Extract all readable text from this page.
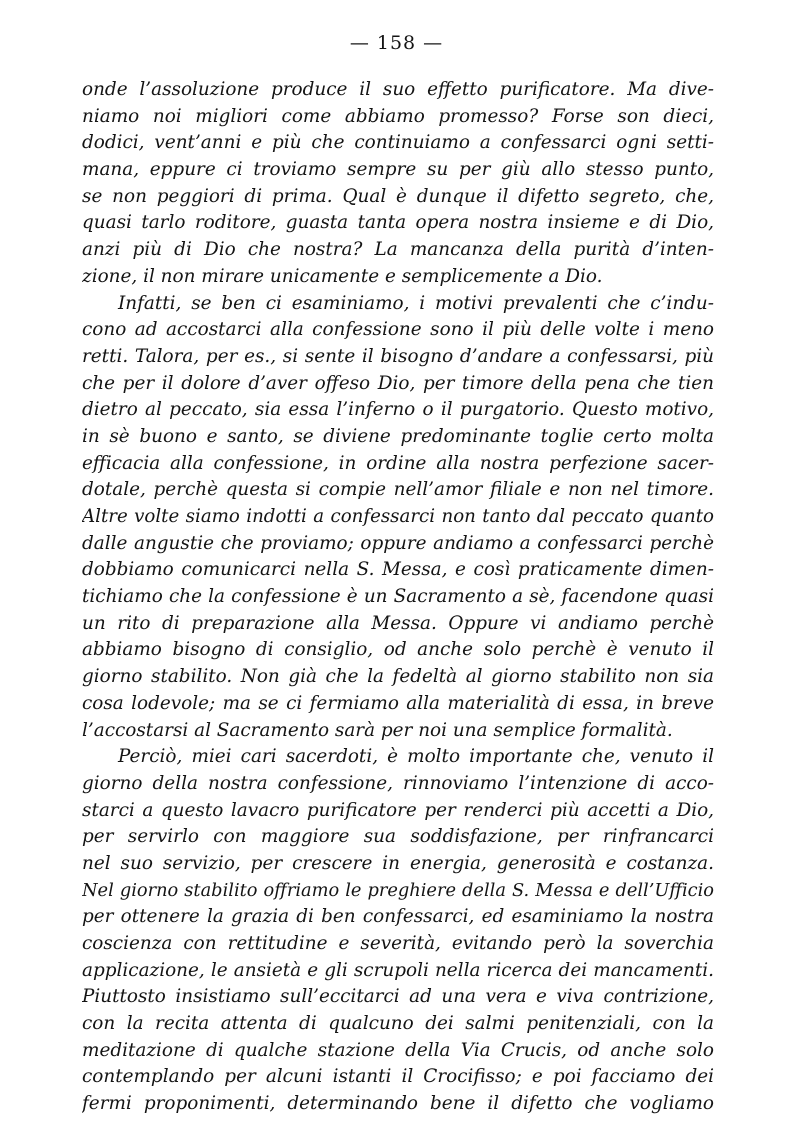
— 158 —
onde l’assoluzione produce il suo effetto purificatore. Ma dive-
niamo noi migliori come abbiamo promesso? Forse son dieci,
dodici, vent’anni e più che continuiamo a confessarci ogni setti-
mana, eppure ci troviamo sempre su per giù allo stesso punto,
se non peggiori di prima. Qual è dunque il difetto segreto, che,
quasi tarlo roditore, guasta tanta opera nostra insieme e di Dio,
anzi più di Dio che nostra? La mancanza della purità d’inten-
zione, il non mirare unicamente e semplicemente a Dio.
Infatti, se ben ci esaminiamo, i motivi prevalenti che c’indu-
cono ad accostarci alla confessione sono il più delle volte i meno
retti. Talora, per es., si sente il bisogno d’andare a confessarsi, più
che per il dolore d’aver offeso Dio, per timore della pena che tien
dietro al peccato, sia essa l’inferno o il purgatorio. Questo motivo,
in sè buono e santo, se diviene predominante toglie certo molta
efficacia alla confessione, in ordine alla nostra perfezione sacer-
dotale, perchè questa si compie nell’amor filiale e non nel timore.
Altre volte siamo indotti a confessarci non tanto dal peccato quanto
dalle angustie che proviamo; oppure andiamo a confessarci perchè
dobbiamo comunicarci nella S. Messa, e così praticamente dimen-
tichiamo che la confessione è un Sacramento a sè, facendone quasi
un rito di preparazione alla Messa. Oppure vi andiamo perchè
abbiamo bisogno di consiglio, od anche solo perchè è venuto il
giorno stabilito. Non già che la fedeltà al giorno stabilito non sia
cosa lodevole; ma se ci fermiamo alla materialità di essa, in breve
l’accostarsi al Sacramento sarà per noi una semplice formalità.
Perciò, miei cari sacerdoti, è molto importante che, venuto il
giorno della nostra confessione, rinnoviamo l’intenzione di acco-
starci a questo lavacro purificatore per renderci più accetti a Dio,
per servirlo con maggiore sua soddisfazione, per rinfrancarci
nel suo servizio, per crescere in energia, generosità e costanza.
Nel giorno stabilito offriamo le preghiere della S. Messa e dell’Ufficio
per ottenere la grazia di ben confessarci, ed esaminiamo la nostra
coscienza con rettitudine e severità, evitando però la soverchia
applicazione, le ansietà e gli scrupoli nella ricerca dei mancamenti.
Piuttosto insistiamo sull’eccitarci ad una vera e viva contrizione,
con la recita attenta di qualcuno dei salmi penitenziali, con la
meditazione di qualche stazione della Via Crucis, od anche solo
contemplando per alcuni istanti il Crocifisso; e poi facciamo dei
fermi proponimenti, determinando bene il difetto che vogliamo
